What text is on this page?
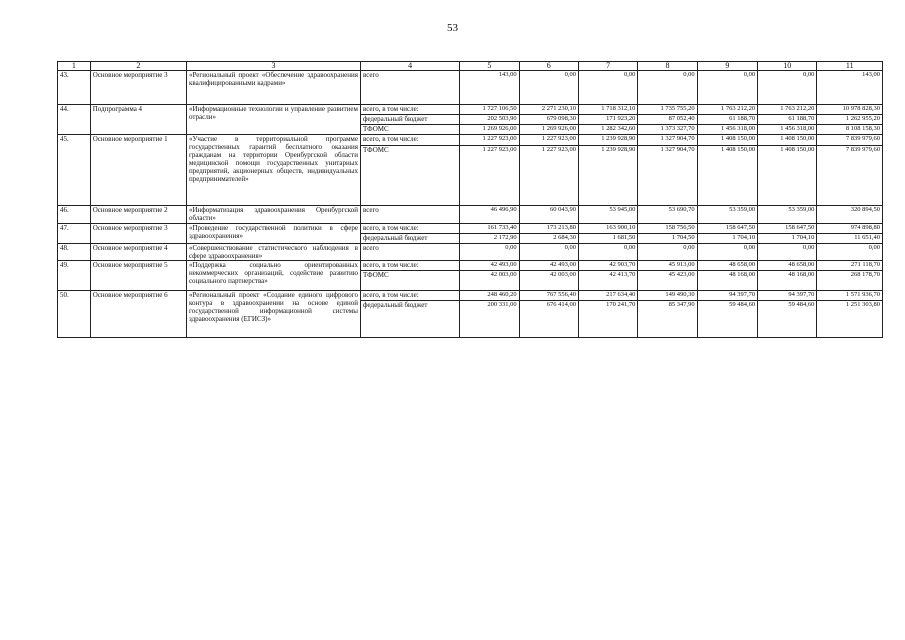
53
1	2	3	4	5	6	7	8	9	10	11
43.	Основное мероприятие 3	«Региональный проект «Обеспечение здравоохранения квалифицированными кадрами»	всего	143,00	0,00	0,00	0,00	0,00	0,00	143,00
44.	Подпрограмма 4	«Информационные технологии и управление развитием отрасли»	всего, в том числе:	1 727 106,50	2 271 230,10	1 718 312,10	1 735 755,20	1 763 212,20	1 763 212,20	10 978 828,30
			федеральный бюджет	202 503,90	679 098,30	171 923,20	87 052,40	61 188,70	61 188,70	1 262 955,20
			ТФОМС	1 269 926,00	1 269 926,00	1 282 342,60	1 373 327,70	1 456 318,00	1 456 318,00	8 108 158,30
45.	Основное мероприятие 1	«Участие в территориальной программе государственных гарантий бесплатного оказания гражданам на территории Оренбургской области медицинской помощи государственных унитарных предприятий, акционерных обществ, индивидуальных предпринимателей»	всего, в том числе:	1 227 923,00	1 227 923,00	1 239 928,90	1 327 904,70	1 408 150,00	1 408 150,00	7 839 979,60
			ТФОМС	1 227 923,00	1 227 923,00	1 239 928,90	1 327 904,70	1 408 150,00	1 408 150,00	7 839 979,60
46.	Основное мероприятие 2	«Информатизация здравоохранения Оренбургской области»	всего	46 496,90	60 043,90	53 945,00	53 690,70	53 359,00	53 359,00	320 894,50
47.	Основное мероприятие 3	«Проведение государственной политики в сфере здравоохранения»	всего, в том числе:	161 733,40	173 213,80	163 900,10	158 756,50	158 647,50	158 647,50	974 898,80
			федеральный бюджет	2 172,90	2 684,30	1 681,50	1 704,50	1 704,10	1 704,10	11 651,40
48.	Основное мероприятие 4	«Совершенствование статистического наблюдения в сфере здравоохранения»	всего	0,00	0,00	0,00	0,00	0,00	0,00	0,00
49.	Основное мероприятие 5	«Поддержка социально ориентированных некоммерческих организаций, содействие развитию социального партнерства»	всего, в том числе:	42 493,00	42 493,00	42 903,70	45 913,00	48 658,00	48 658,00	271 118,70
			ТФОМС	42 003,00	42 003,00	42 413,70	45 423,00	48 168,00	48 168,00	268 178,70
50.	Основное мероприятие 6	«Региональный проект «Создание единого цифрового контура в здравоохранении на основе единой государственной информационной системы здравоохранения (ЕГИСЗ)»	всего, в том числе:	248 460,20	767 556,40	217 634,40	149 490,30	94 397,70	94 397,70	1 571 936,70
			федеральный бюджет	200 331,00	676 414,00	170 241,70	85 347,90	59 484,60	59 484,60	1 251 303,80
